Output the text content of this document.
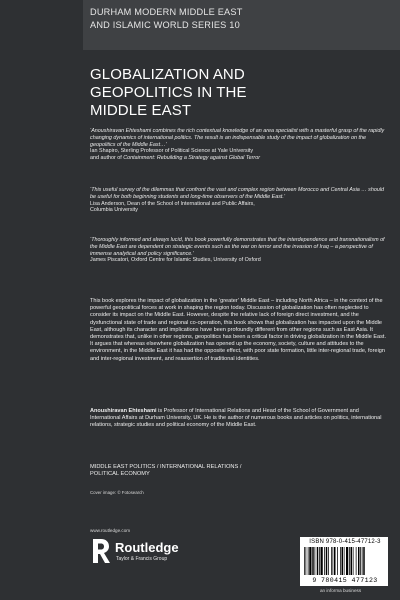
DURHAM MODERN MIDDLE EAST
AND ISLAMIC WORLD SERIES 10
GLOBALIZATION AND
GEOPOLITICS IN THE
MIDDLE EAST
‘Anoushiravan Ehteshami combines the rich contextual knowledge of an area specialist with a masterful grasp of the rapidly changing dynamics of international politics. The result is an indispensable study of the impact of globalization on the geopolitics of the Middle East…’
Ian Shapiro, Sterling Professor of Political Science at Yale University
and author of Containment: Rebuilding a Strategy against Global Terror
‘This useful survey of the dilemmas that confront the vast and complex region between Morocco and Central Asia … should be useful for both beginning students and long-time observers of the Middle East.’
Lisa Anderson, Dean of the School of International and Public Affairs,
Columbia University
‘Thoroughly informed and always lucid, this book powerfully demonstrates that the interdependence and transnationalism of the Middle East are dependent on strategic events such as the war on terror and the invasion of Iraq – a perspective of immense analytical and policy significance.’
James Piscatori, Oxford Centre for Islamic Studies, University of Oxford
This book explores the impact of globalization in the ‘greater’ Middle East – including North Africa – in the context of the powerful geopolitical forces at work in shaping the region today. Discussion of globalization has often neglected to consider its impact on the Middle East. However, despite the relative lack of foreign direct investment, and the dysfunctional state of trade and regional co-operation, this book shows that globalization has impacted upon the Middle East, although its character and implications have been profoundly different from other regions such as East Asia. It demonstrates that, unlike in other regions, geopolitics has been a critical factor in driving globalization in the Middle East. It argues that whereas elsewhere globalization has opened up the economy, society, culture and attitudes to the environment, in the Middle East it has had the opposite effect, with poor state formation, little inter-regional trade, foreign and inter-regional investment, and reassertion of traditional identities.
Anoushiravan Ehteshami is Professor of International Relations and Head of the School of Government and International Affairs at Durham University, UK. He is the author of numerous books and articles on politics, international relations, strategic studies and political economy of the Middle East.
MIDDLE EAST POLITICS / INTERNATIONAL RELATIONS /
POLITICAL ECONOMY
Cover image: © Fotosearch
www.routledge.com
Routledge
Taylor & Francis Group
ISBN 978-0-415-47712-3
9 780415 477123
an informa business
